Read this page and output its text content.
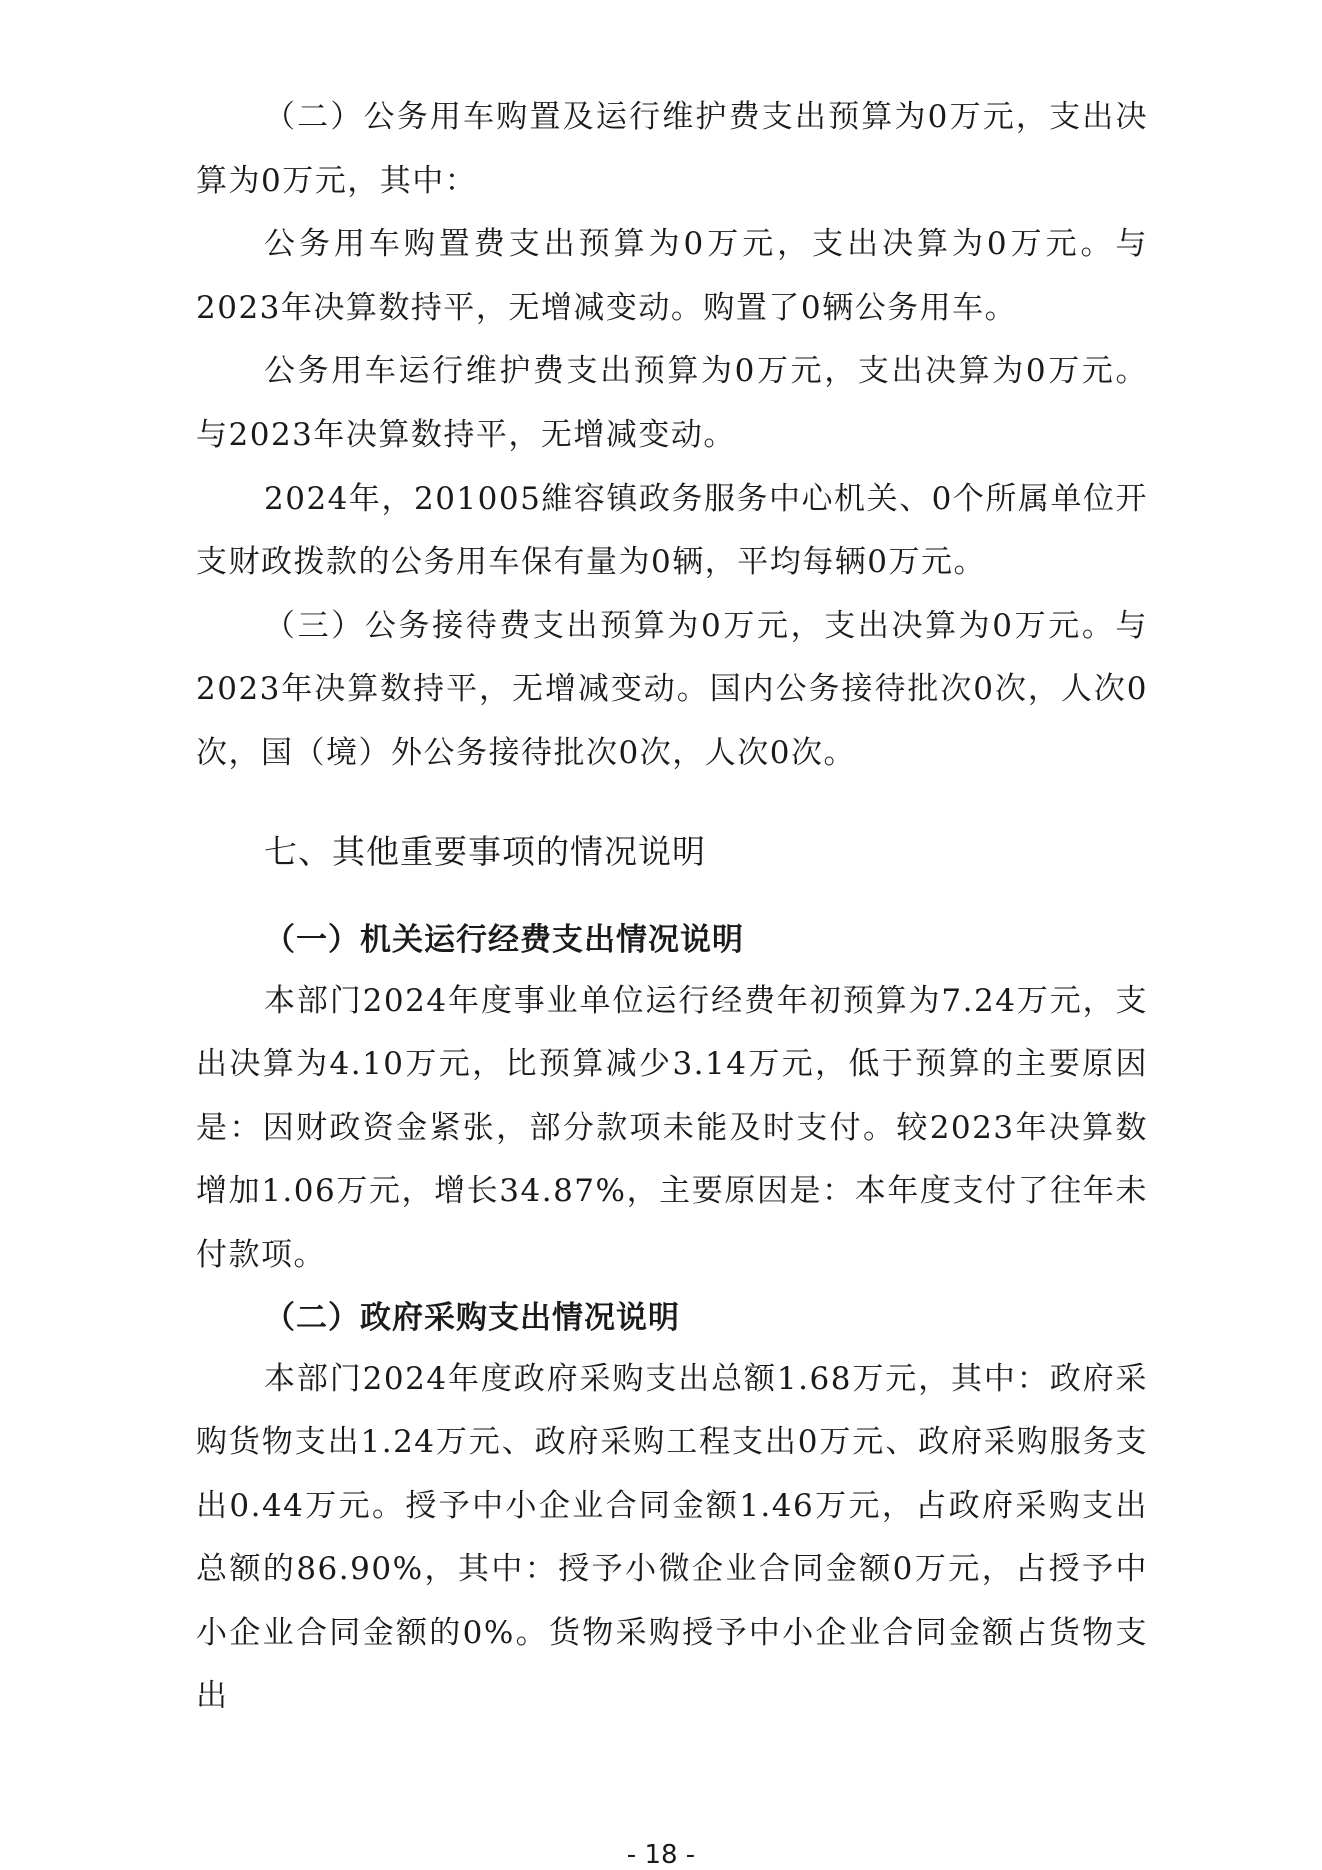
（二）公务用车购置及运行维护费支出预算为0万元，支出决算为0万元，其中：

公务用车购置费支出预算为0万元，支出决算为0万元。与2023年决算数持平，无增减变动。购置了0辆公务用车。

公务用车运行维护费支出预算为0万元，支出决算为0万元。与2023年决算数持平，无增减变动。

2024年，201005維容镇政务服务中心机关、0个所属单位开支财政拨款的公务用车保有量为0辆，平均每辆0万元。

（三）公务接待费支出预算为0万元，支出决算为0万元。与2023年决算数持平，无增减变动。国内公务接待批次0次，人次0次，国（境）外公务接待批次0次，人次0次。

七、其他重要事项的情况说明
（一）机关运行经费支出情况说明

本部门2024年度事业单位运行经费年初预算为7.24万元，支出决算为4.10万元，比预算减少3.14万元，低于预算的主要原因是：因财政资金紧张，部分款项未能及时支付。较2023年决算数增加1.06万元，增长34.87%，主要原因是：本年度支付了往年未付款项。

（二）政府采购支出情况说明

本部门2024年度政府采购支出总额1.68万元，其中：政府采购货物支出1.24万元、政府采购工程支出0万元、政府采购服务支出0.44万元。授予中小企业合同金额1.46万元，占政府采购支出总额的86.90%，其中：授予小微企业合同金额0万元，占授予中小企业合同金额的0%。货物采购授予中小企业合同金额占货物支出

- 18 -
